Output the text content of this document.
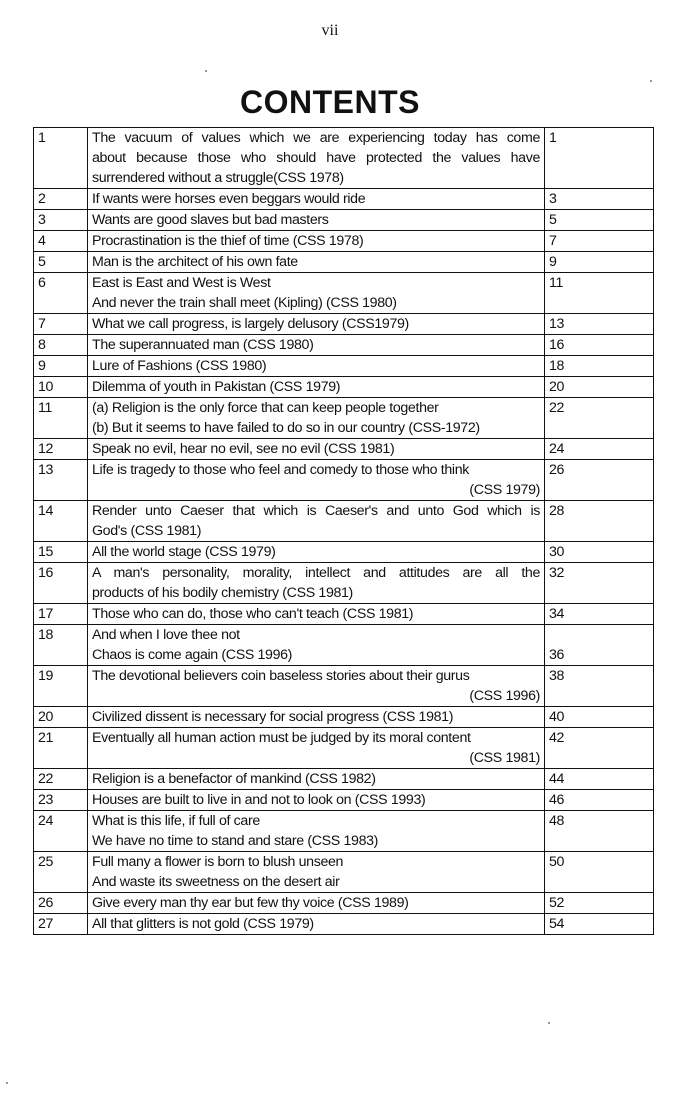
vii
CONTENTS
1	The vacuum of values which we are experiencing today has come
about because those who should have protected the values have
surrendered without a struggle(CSS 1978)	1
2	If wants were horses even beggars would ride	3
3	Wants are good slaves but bad masters	5
4	Procrastination is the thief of time (CSS 1978)	7
5	Man is the architect of his own fate	9
6	East is East and West is West
And never the train shall meet (Kipling) (CSS 1980)	11
7	What we call progress, is largely delusory (CSS1979)	13
8	The superannuated man (CSS 1980)	16
9	Lure of Fashions (CSS 1980)	18
10	Dilemma of youth in Pakistan (CSS 1979)	20
11	(a) Religion is the only force that can keep people together
(b) But it seems to have failed to do so in our country (CSS-1972)	22
12	Speak no evil, hear no evil, see no evil (CSS 1981)	24
13	Life is tragedy to those who feel and comedy to those who think
(CSS 1979)	26
14	Render unto Caeser that which is Caeser's and unto God which is
God's (CSS 1981)	28
15	All the world stage (CSS 1979)	30
16	A man's personality, morality, intellect and attitudes are all the
products of his bodily chemistry (CSS 1981)	32
17	Those who can do, those who can't teach (CSS 1981)	34
18	And when I love thee not
Chaos is come again (CSS 1996)	36

19	The devotional believers coin baseless stories about their gurus
(CSS 1996)	38
20	Civilized dissent is necessary for social progress (CSS 1981)	40
21	Eventually all human action must be judged by its moral content
(CSS 1981)	42
22	Religion is a benefactor of mankind (CSS 1982)	44
23	Houses are built to live in and not to look on (CSS 1993)	46
24	What is this life, if full of care
We have no time to stand and stare (CSS 1983)	48
25	Full many a flower is born to blush unseen
And waste its sweetness on the desert air	50
26	Give every man thy ear but few thy voice (CSS 1989)	52
27	All that glitters is not gold (CSS 1979)	54
